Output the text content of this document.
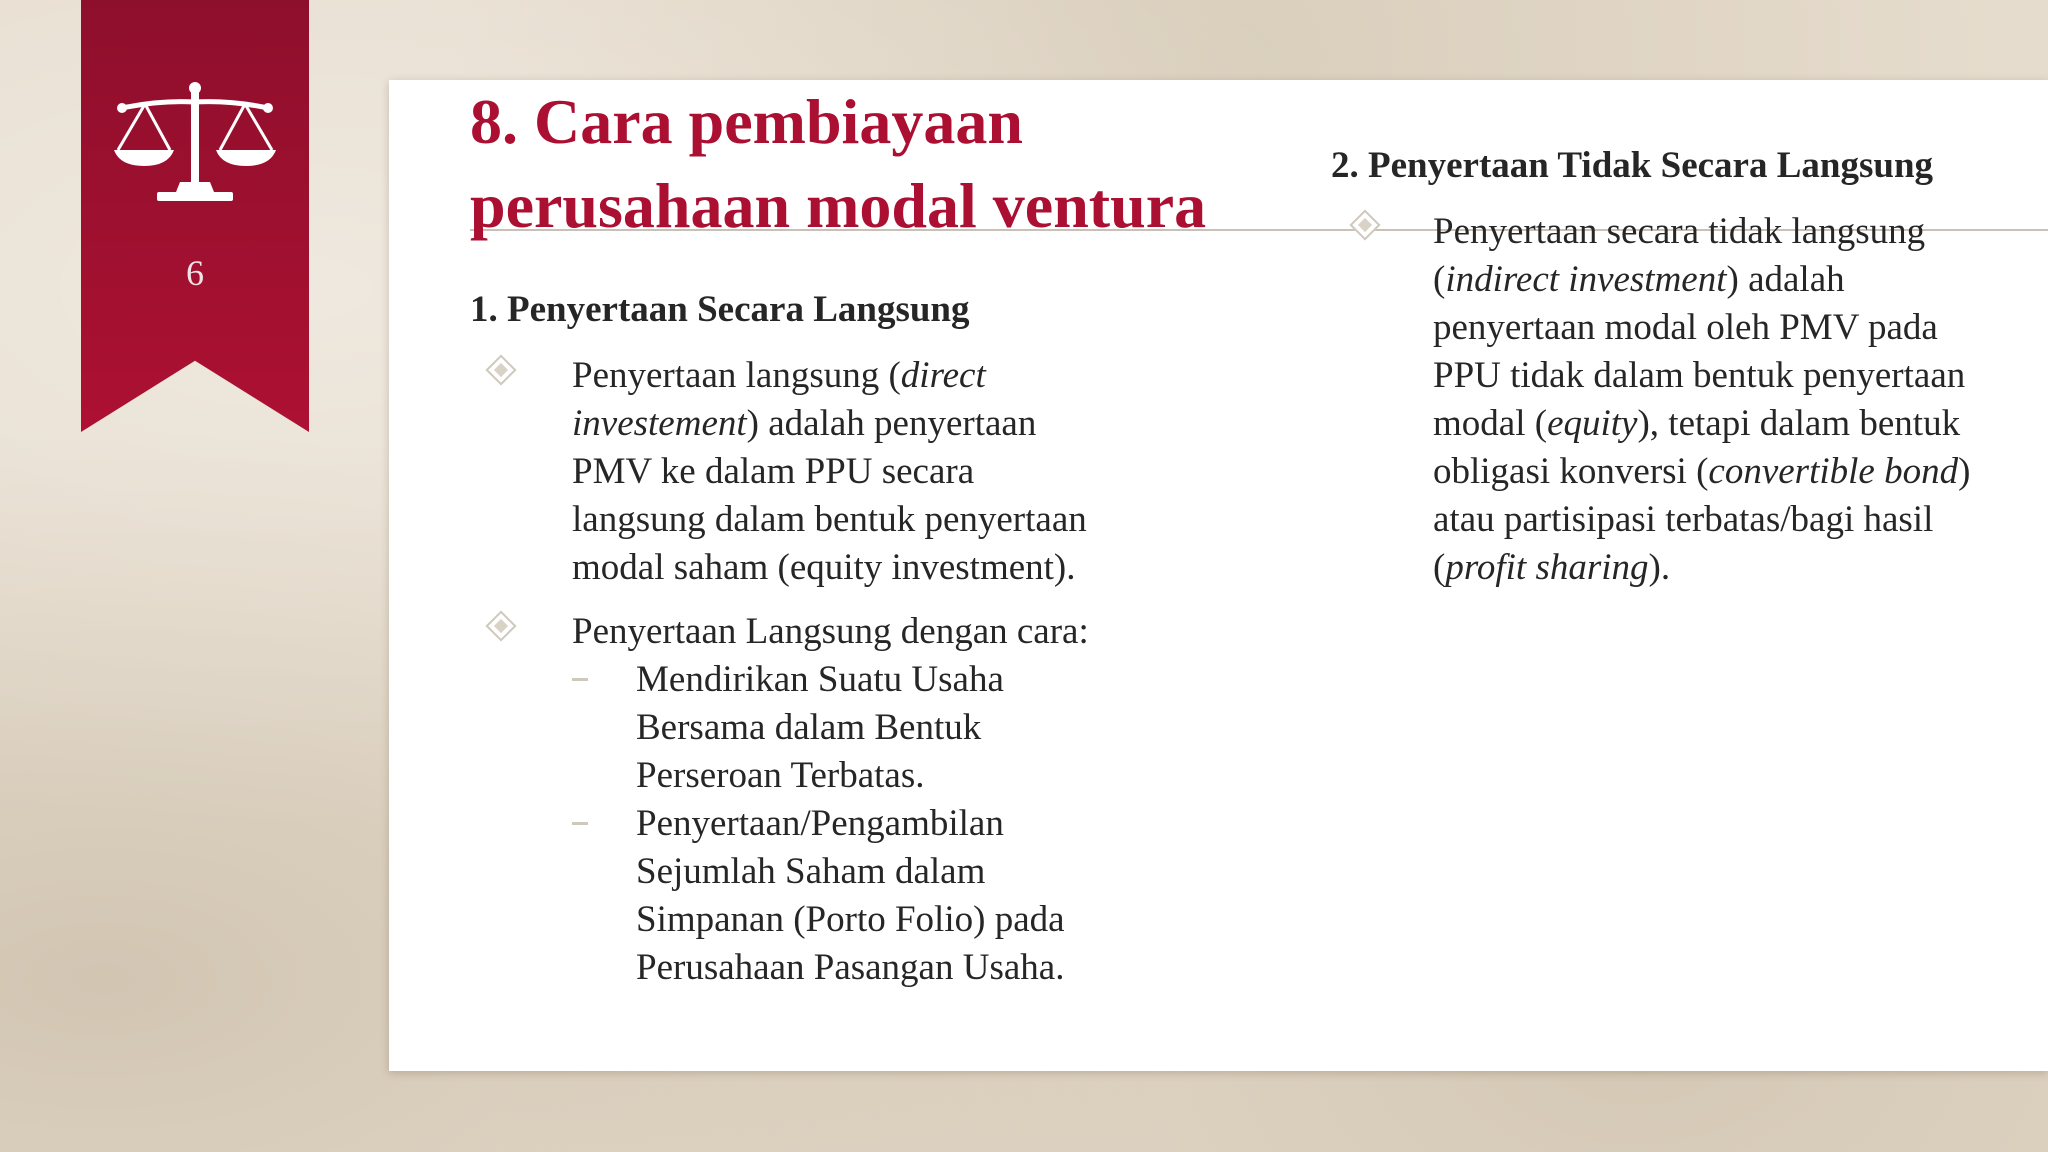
6
8. Cara pembiayaan
perusahaan modal ventura
1. Penyertaan Secara Langsung

Penyertaan langsung (direct

investement) adalah penyertaan

PMV ke dalam PPU secara

langsung dalam bentuk penyertaan

modal saham (equity investment).

Penyertaan Langsung dengan cara:

Mendirikan Suatu Usaha

Bersama dalam Bentuk

Perseroan Terbatas.

Penyertaan/Pengambilan

Sejumlah Saham dalam

Simpanan (Porto Folio) pada

Perusahaan Pasangan Usaha.

2. Penyertaan Tidak Secara Langsung

Penyertaan secara tidak langsung

(indirect investment) adalah

penyertaan modal oleh PMV pada

PPU tidak dalam bentuk penyertaan

modal (equity), tetapi dalam bentuk

obligasi konversi (convertible bond)

atau partisipasi terbatas/bagi hasil

(profit sharing).
